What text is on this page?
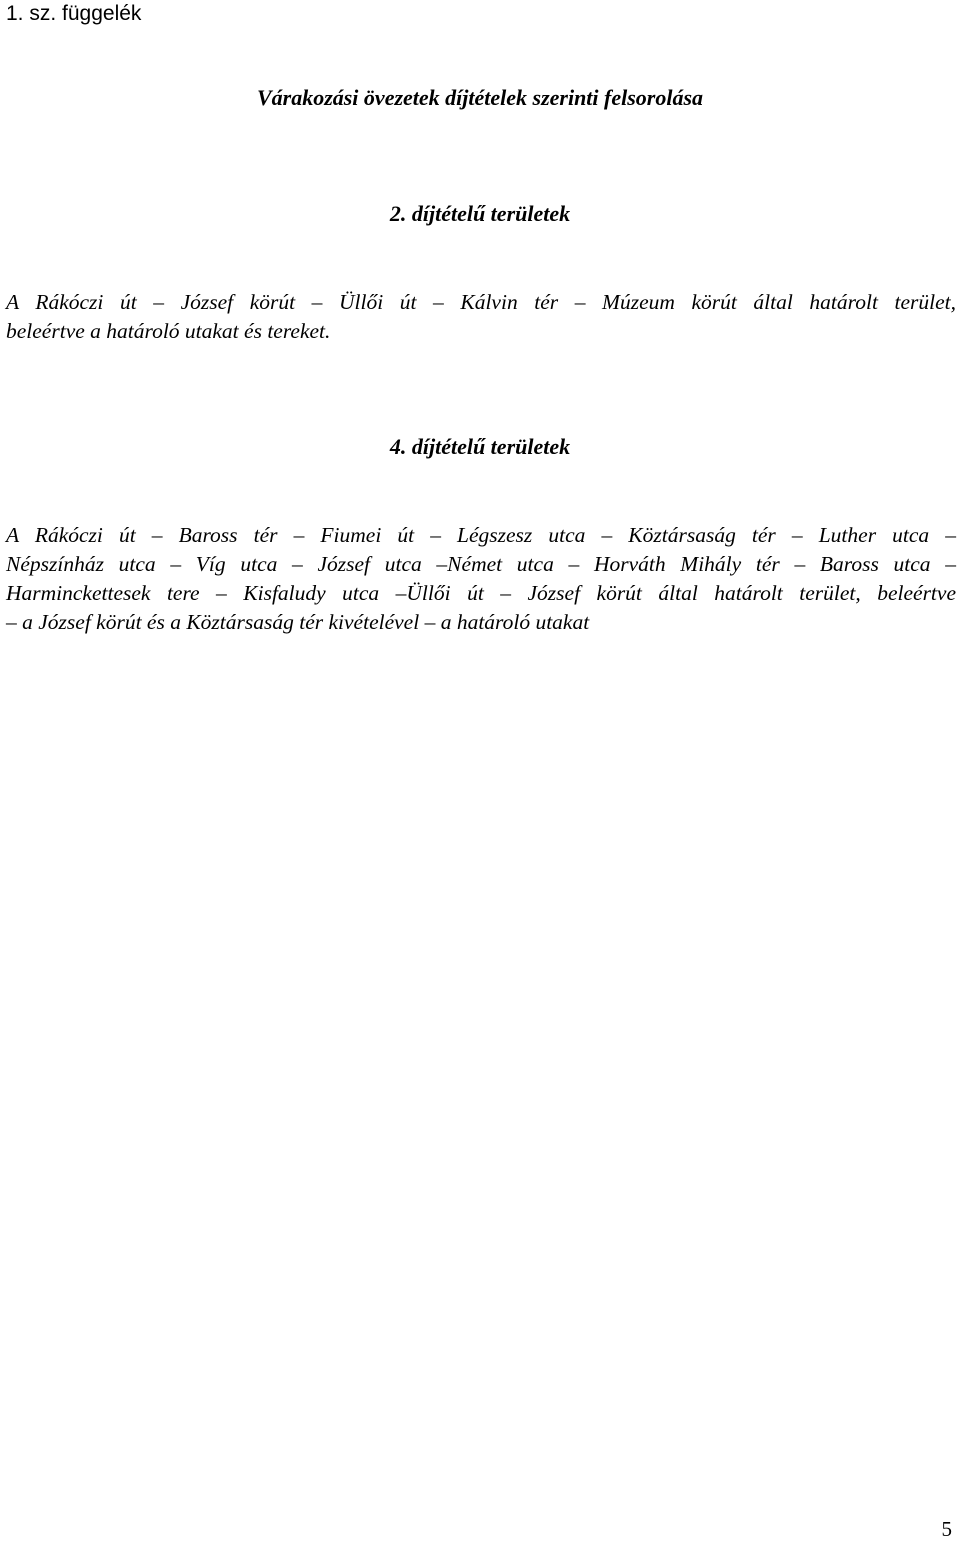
1. sz. függelék
Várakozási övezetek díjtételek szerinti felsorolása
2. díjtételű területek
A Rákóczi út – József körút – Üllői út – Kálvin tér – Múzeum körút által határolt terület,
beleértve a határoló utakat és tereket.
4. díjtételű területek
A Rákóczi út – Baross tér – Fiumei út – Légszesz utca – Köztársaság tér – Luther utca –
Népszínház utca – Víg utca – József utca –Német utca – Horváth Mihály tér – Baross utca –
Harminckettesek tere – Kisfaludy utca –Üllői út – József körút által határolt terület, beleértve
– a József körút és a Köztársaság tér kivételével – a határoló utakat
5
